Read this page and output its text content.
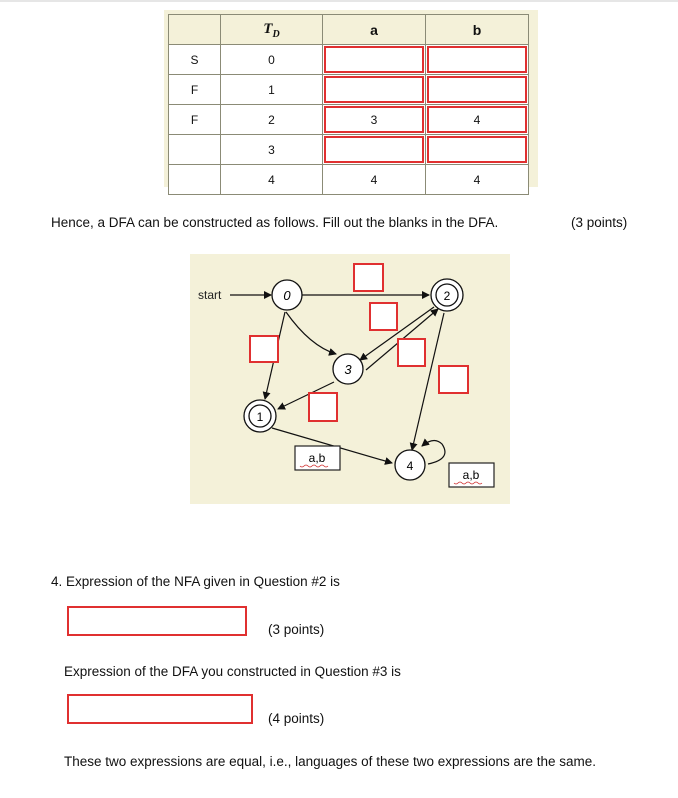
	$T_D$	a	b
S	0	

F	1	

F	2	3	4
	3	

	4	4	4
Hence, a DFA can be constructed as follows. Fill out the blanks in the DFA.	(3 points)
start	0	2
3
1
4
a,b
a,b
4. Expression of the NFA given in Question #2 is
(3 points)
Expression of the DFA you constructed in Question #3 is
(4 points)
These two expressions are equal, i.e., languages of these two expressions are the same.
